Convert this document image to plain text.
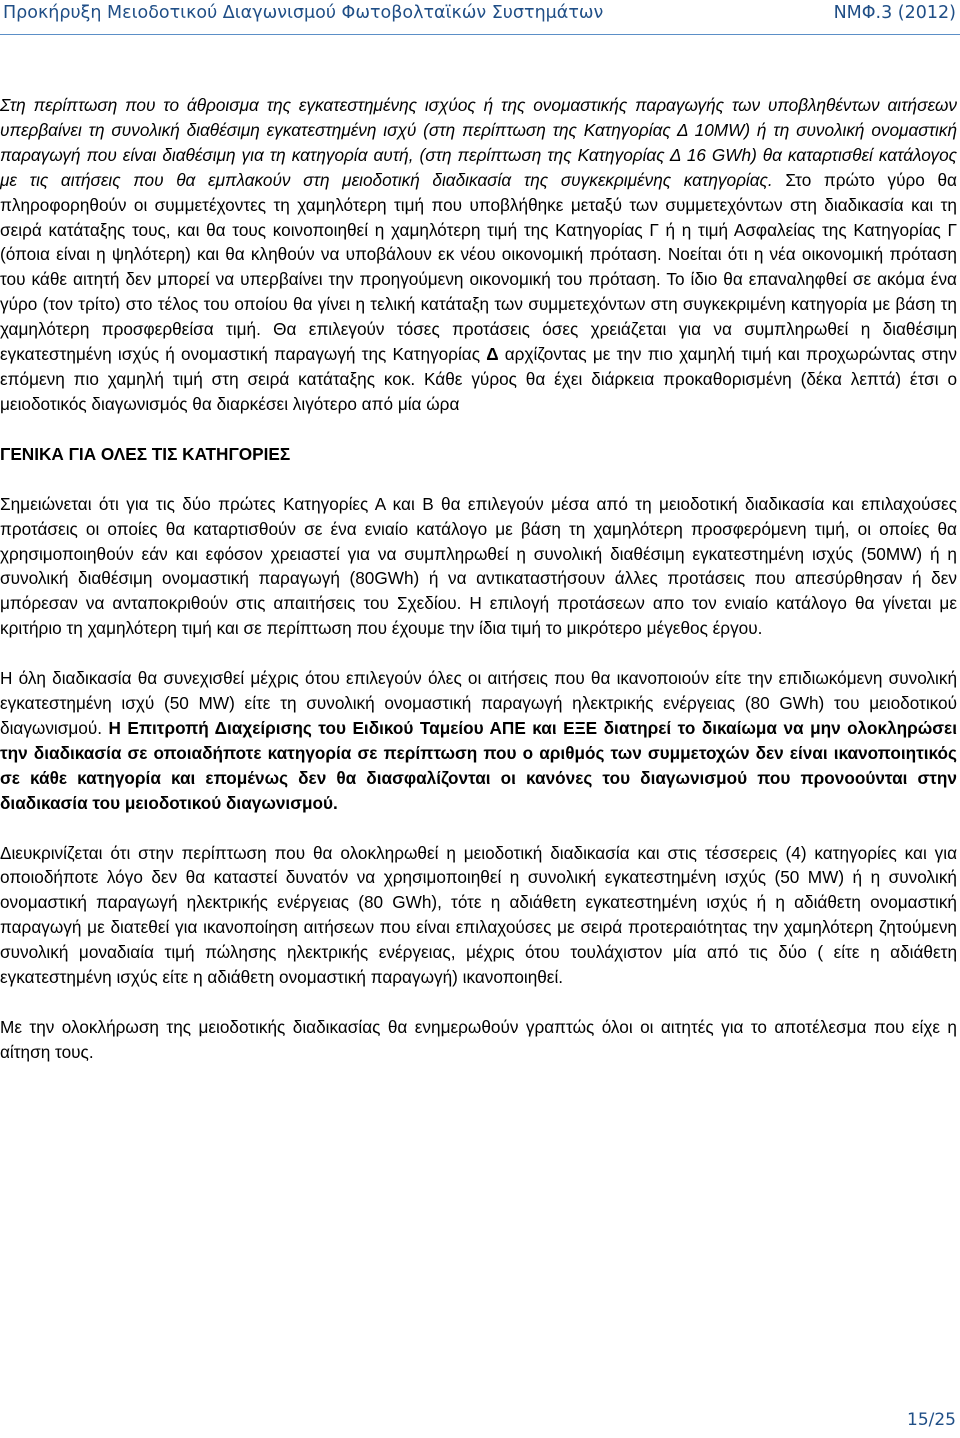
Προκήρυξη Μειοδοτικού Διαγωνισμού Φωτοβολταϊκών Συστημάτων	ΝΜΦ.3 (2012)

Στη περίπτωση που το άθροισμα της εγκατεστημένης ισχύος ή της ονομαστικής παραγωγής των υποβληθέντων αιτήσεων υπερβαίνει τη συνολική διαθέσιμη εγκατεστημένη ισχύ (στη περίπτωση της Κατηγορίας Δ 10MW) ή τη συνολική ονομαστική παραγωγή που είναι διαθέσιμη για τη κατηγορία αυτή, (στη περίπτωση της Κατηγορίας Δ 16 GWh) θα καταρτισθεί κατάλογος με τις αιτήσεις που θα εμπλακούν στη μειοδοτική διαδικασία της συγκεκριμένης κατηγορίας. Στο πρώτο γύρο θα πληροφορηθούν οι συμμετέχοντες τη χαμηλότερη τιμή που υποβλήθηκε μεταξύ των συμμετεχόντων στη διαδικασία και τη σειρά κατάταξης τους, και θα τους κοινοποιηθεί η χαμηλότερη τιμή της Κατηγορίας Γ ή η τιμή Ασφαλείας της Κατηγορίας Γ (όποια είναι η ψηλότερη) και θα κληθούν να υποβάλουν εκ νέου οικονομική πρόταση. Νοείται ότι η νέα οικονομική πρόταση του κάθε αιτητή δεν μπορεί να υπερβαίνει την προηγούμενη οικονομική του πρόταση. Το ίδιο θα επαναληφθεί σε ακόμα ένα γύρο (τον τρίτο) στο τέλος του οποίου θα γίνει η τελική κατάταξη των συμμετεχόντων στη συγκεκριμένη κατηγορία με βάση τη χαμηλότερη προσφερθείσα τιμή. Θα επιλεγούν τόσες προτάσεις όσες χρειάζεται για να συμπληρωθεί η διαθέσιμη εγκατεστημένη ισχύς ή ονομαστική παραγωγή της Κατηγορίας Δ αρχίζοντας με την πιο χαμηλή τιμή και προχωρώντας στην επόμενη πιο χαμηλή τιμή στη σειρά κατάταξης κοκ. Κάθε γύρος θα έχει διάρκεια προκαθορισμένη (δέκα λεπτά) έτσι ο μειοδοτικός διαγωνισμός θα διαρκέσει λιγότερο από μία ώρα

ΓΕΝΙΚΑ ΓΙΑ ΟΛΕΣ ΤΙΣ ΚΑΤΗΓΟΡΙΕΣ

Σημειώνεται ότι για τις δύο πρώτες Κατηγορίες Α και Β θα επιλεγούν μέσα από τη μειοδοτική διαδικασία και επιλαχούσες προτάσεις οι οποίες θα καταρτισθούν σε ένα ενιαίο κατάλογο με βάση τη χαμηλότερη προσφερόμενη τιμή, οι οποίες θα χρησιμοποιηθούν εάν και εφόσον χρειαστεί για να συμπληρωθεί η συνολική διαθέσιμη εγκατεστημένη ισχύς (50MW) ή η συνολική διαθέσιμη ονομαστική παραγωγή (80GWh) ή να αντικαταστήσουν άλλες προτάσεις που απεσύρθησαν ή δεν μπόρεσαν να ανταποκριθούν στις απαιτήσεις του Σχεδίου. Η επιλογή προτάσεων απο τον ενιαίο κατάλογο θα γίνεται με κριτήριο τη χαμηλότερη τιμή και σε περίπτωση που έχουμε την ίδια τιμή το μικρότερο μέγεθος έργου.

Η όλη διαδικασία θα συνεχισθεί μέχρις ότου επιλεγούν όλες οι αιτήσεις που θα ικανοποιούν είτε την επιδιωκόμενη συνολική εγκατεστημένη ισχύ (50 MW) είτε τη συνολική ονομαστική παραγωγή ηλεκτρικής ενέργειας (80 GWh) του μειοδοτικού διαγωνισμού. Η Επιτροπή Διαχείρισης του Ειδικού Ταμείου ΑΠΕ και ΕΞΕ διατηρεί το δικαίωμα να μην ολοκληρώσει την διαδικασία σε οποιαδήποτε κατηγορία σε περίπτωση που ο αριθμός των συμμετοχών δεν είναι ικανοποιητικός σε κάθε κατηγορία και επομένως δεν θα διασφαλίζονται οι κανόνες του διαγωνισμού που προνοούνται στην διαδικασία του μειοδοτικού διαγωνισμού.

Διευκρινίζεται ότι στην περίπτωση που θα ολοκληρωθεί η μειοδοτική διαδικασία και στις τέσσερεις (4) κατηγορίες και για οποιοδήποτε λόγο δεν θα καταστεί δυνατόν να χρησιμοποιηθεί η συνολική εγκατεστημένη ισχύς (50 MW) ή η συνολική ονομαστική παραγωγή ηλεκτρικής ενέργειας (80 GWh), τότε η αδιάθετη εγκατεστημένη ισχύς ή η αδιάθετη ονομαστική παραγωγή με διατεθεί για ικανοποίηση αιτήσεων που είναι επιλαχούσες με σειρά προτεραιότητας την χαμηλότερη ζητούμενη συνολική μοναδιαία τιμή πώλησης ηλεκτρικής ενέργειας, μέχρις ότου τουλάχιστον μία από τις δύο ( είτε η αδιάθετη εγκατεστημένη ισχύς είτε η αδιάθετη ονομαστική παραγωγή) ικανοποιηθεί.

Με την ολοκλήρωση της μειοδοτικής διαδικασίας θα ενημερωθούν γραπτώς όλοι οι αιτητές για το αποτέλεσμα που είχε η αίτηση τους.

15/25
